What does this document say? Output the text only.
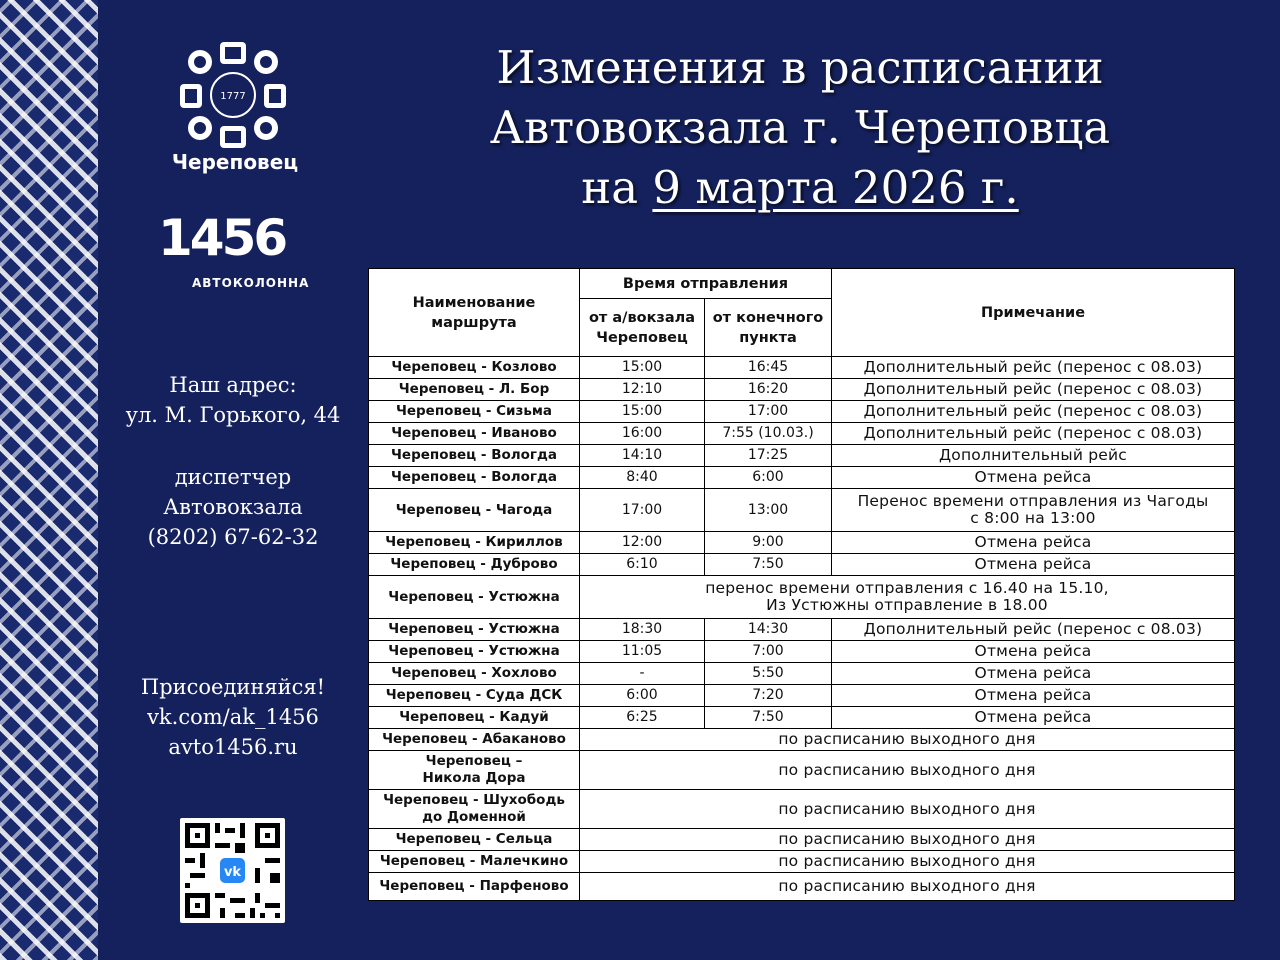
Изменения в расписании
Автовокзала г. Череповца
на 9 марта 2026 г.
1777
Череповец
1456
АВТОКОЛОННА
Наш адрес:
ул. М. Горького, 44
диспетчер
Автовокзала
(8202) 67-62-32
Присоединяйся!
vk.com/ak_1456
avto1456.ru
vk
Наименование маршрута	Время отправления		Примечание
	от а/вокзала Череповец	от конечного пункта	
Череповец - Козлово	15:00	16:45	Дополнительный рейс (перенос с 08.03)
Череповец - Л. Бор	12:10	16:20	Дополнительный рейс (перенос с 08.03)
Череповец - Сизьма	15:00	17:00	Дополнительный рейс (перенос с 08.03)
Череповец - Иваново	16:00	7:55 (10.03.)	Дополнительный рейс (перенос с 08.03)
Череповец - Вологда	14:10	17:25	Дополнительный рейс
Череповец - Вологда	8:40	6:00	Отмена рейса
Череповец - Чагода	17:00	13:00	Перенос времени отправления из Чагоды
с 8:00 на 13:00

Череповец - Кириллов	12:00	9:00	Отмена рейса
Череповец - Дуброво	6:10	7:50	Отмена рейса
Череповец - Устюжна	перенос времени отправления с 16.40 на 15.10,
Из Устюжны отправление в 18.00		

Череповец - Устюжна	18:30	14:30	Дополнительный рейс (перенос с 08.03)
Череповец - Устюжна	11:05	7:00	Отмена рейса
Череповец - Хохлово	-	5:50	Отмена рейса
Череповец - Суда ДСК	6:00	7:20	Отмена рейса
Череповец - Кадуй	6:25	7:50	Отмена рейса
Череповец - Абаканово	по расписанию выходного дня		

Череповец –
Никола Дора	по расписанию выходного дня		

Череповец - Шухободь
до Доменной	по расписанию выходного дня		
Череповец - Сельца	по расписанию выходного дня		
Череповец - Малечкино	по расписанию выходного дня		
Череповец - Парфеново	по расписанию выходного дня		
